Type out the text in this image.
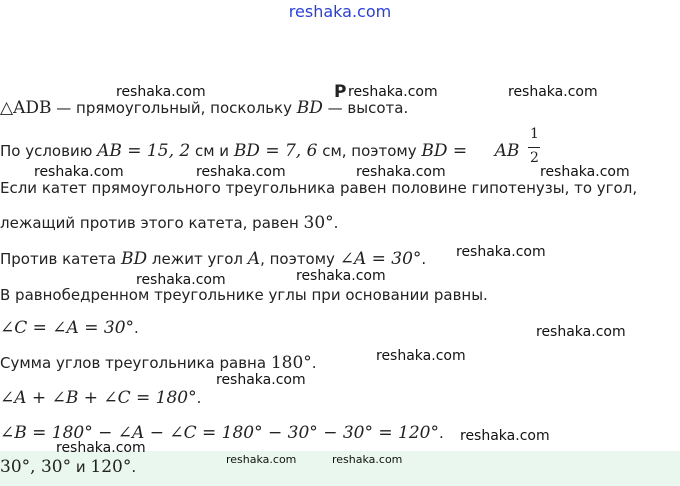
reshaka.com
△ADB — прямоугольный, поскольку BD — высота.
По условию AB = 15, 2 см и BD = 7, 6 см, поэтому BD = AB
1
2
Если катет прямоугольного треугольника равен половине гипотенузы, то угол,
лежащий против этого катета, равен 30°.
Против катета BD лежит угол A, поэтому ∠A = 30°.
В равнобедренном треугольнике углы при основании равны.
∠C = ∠A = 30°.
Сумма углов треугольника равна 180°.
∠A + ∠B + ∠C = 180°.
∠B = 180° − ∠A − ∠C = 180° − 30° − 30° = 120°.
30°, 30° и 120°.
P
reshaka.com	reshaka.com	reshaka.com
reshaka.com	reshaka.com	reshaka.com	reshaka.com
reshaka.com
reshaka.com
reshaka.com
reshaka.com
reshaka.com
reshaka.com
reshaka.com
reshaka.com
reshaka.com	reshaka.com
